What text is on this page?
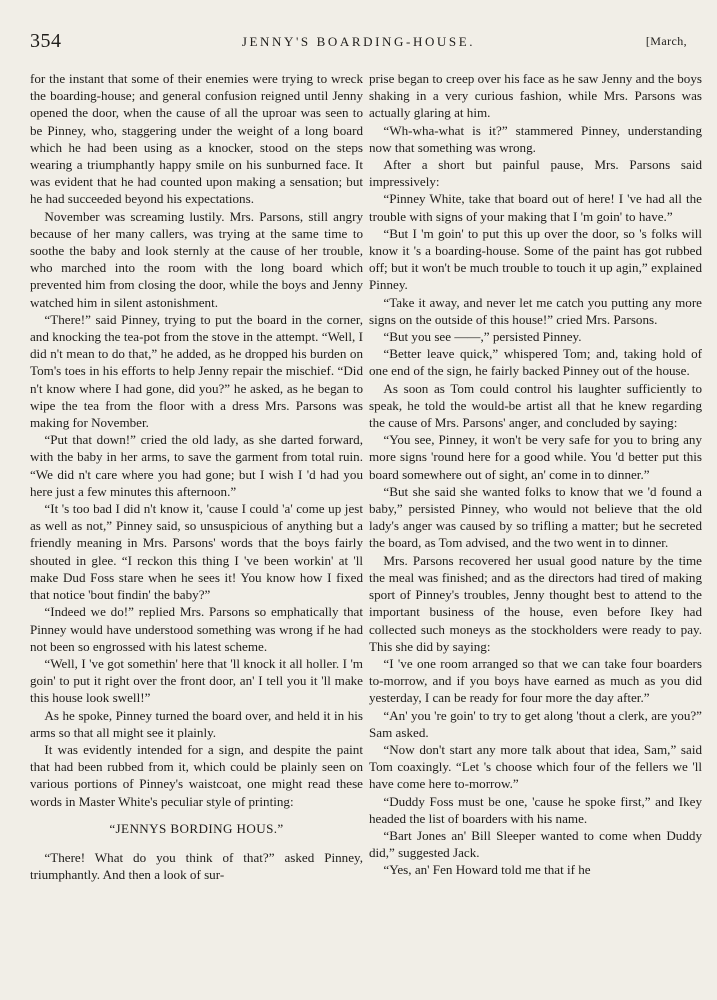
354	JENNY'S BOARDING-HOUSE.	[March,

for the instant that some of their enemies were trying to wreck the boarding-house; and general confusion reigned until Jenny opened the door, when the cause of all the uproar was seen to be Pinney, who, staggering under the weight of a long board which he had been using as a knocker, stood on the steps wearing a triumphantly happy smile on his sunburned face. It was evident that he had counted upon making a sensation; but he had succeeded beyond his expectations.

November was screaming lustily. Mrs. Parsons, still angry because of her many callers, was trying at the same time to soothe the baby and look sternly at the cause of her trouble, who marched into the room with the long board which prevented him from closing the door, while the boys and Jenny watched him in silent astonishment.

“There!” said Pinney, trying to put the board in the corner, and knocking the tea-pot from the stove in the attempt. “Well, I did n't mean to do that,” he added, as he dropped his burden on Tom's toes in his efforts to help Jenny repair the mischief. “Did n't know where I had gone, did you?” he asked, as he began to wipe the tea from the floor with a dress Mrs. Parsons was making for November.

“Put that down!” cried the old lady, as she darted forward, with the baby in her arms, to save the garment from total ruin. “We did n't care where you had gone; but I wish I 'd had you here just a few minutes this afternoon.”

“It 's too bad I did n't know it, 'cause I could 'a' come up jest as well as not,” Pinney said, so unsuspicious of anything but a friendly meaning in Mrs. Parsons' words that the boys fairly shouted in glee. “I reckon this thing I 've been workin' at 'll make Dud Foss stare when he sees it! You know how I fixed that notice 'bout findin' the baby?”

“Indeed we do!” replied Mrs. Parsons so emphatically that Pinney would have understood something was wrong if he had not been so engrossed with his latest scheme.

“Well, I 've got somethin' here that 'll knock it all holler. I 'm goin' to put it right over the front door, an' I tell you it 'll make this house look swell!”

As he spoke, Pinney turned the board over, and held it in his arms so that all might see it plainly.

It was evidently intended for a sign, and despite the paint that had been rubbed from it, which could be plainly seen on various portions of Pinney's waistcoat, one might read these words in Master White's peculiar style of printing:

“JENNYS BORDING HOUS.”

“There! What do you think of that?” asked Pinney, triumphantly. And then a look of sur-

prise began to creep over his face as he saw Jenny and the boys shaking in a very curious fashion, while Mrs. Parsons was actually glaring at him.

“Wh-wha-what is it?” stammered Pinney, understanding now that something was wrong.

After a short but painful pause, Mrs. Parsons said impressively:

“Pinney White, take that board out of here! I 've had all the trouble with signs of your making that I 'm goin' to have.”

“But I 'm goin' to put this up over the door, so 's folks will know it 's a boarding-house. Some of the paint has got rubbed off; but it won't be much trouble to touch it up agin,” explained Pinney.

“Take it away, and never let me catch you putting any more signs on the outside of this house!” cried Mrs. Parsons.

“But you see ——,” persisted Pinney.

“Better leave quick,” whispered Tom; and, taking hold of one end of the sign, he fairly backed Pinney out of the house.

As soon as Tom could control his laughter sufficiently to speak, he told the would-be artist all that he knew regarding the cause of Mrs. Parsons' anger, and concluded by saying:

“You see, Pinney, it won't be very safe for you to bring any more signs 'round here for a good while. You 'd better put this board somewhere out of sight, an' come in to dinner.”

“But she said she wanted folks to know that we 'd found a baby,” persisted Pinney, who would not believe that the old lady's anger was caused by so trifling a matter; but he secreted the board, as Tom advised, and the two went in to dinner.

Mrs. Parsons recovered her usual good nature by the time the meal was finished; and as the directors had tired of making sport of Pinney's troubles, Jenny thought best to attend to the important business of the house, even before Ikey had collected such moneys as the stockholders were ready to pay. This she did by saying:

“I 've one room arranged so that we can take four boarders to-morrow, and if you boys have earned as much as you did yesterday, I can be ready for four more the day after.”

“An' you 're goin' to try to get along 'thout a clerk, are you?” Sam asked.

“Now don't start any more talk about that idea, Sam,” said Tom coaxingly. “Let 's choose which four of the fellers we 'll have come here to-morrow.”

“Duddy Foss must be one, 'cause he spoke first,” and Ikey headed the list of boarders with his name.

“Bart Jones an' Bill Sleeper wanted to come when Duddy did,” suggested Jack.

“Yes, an' Fen Howard told me that if he
